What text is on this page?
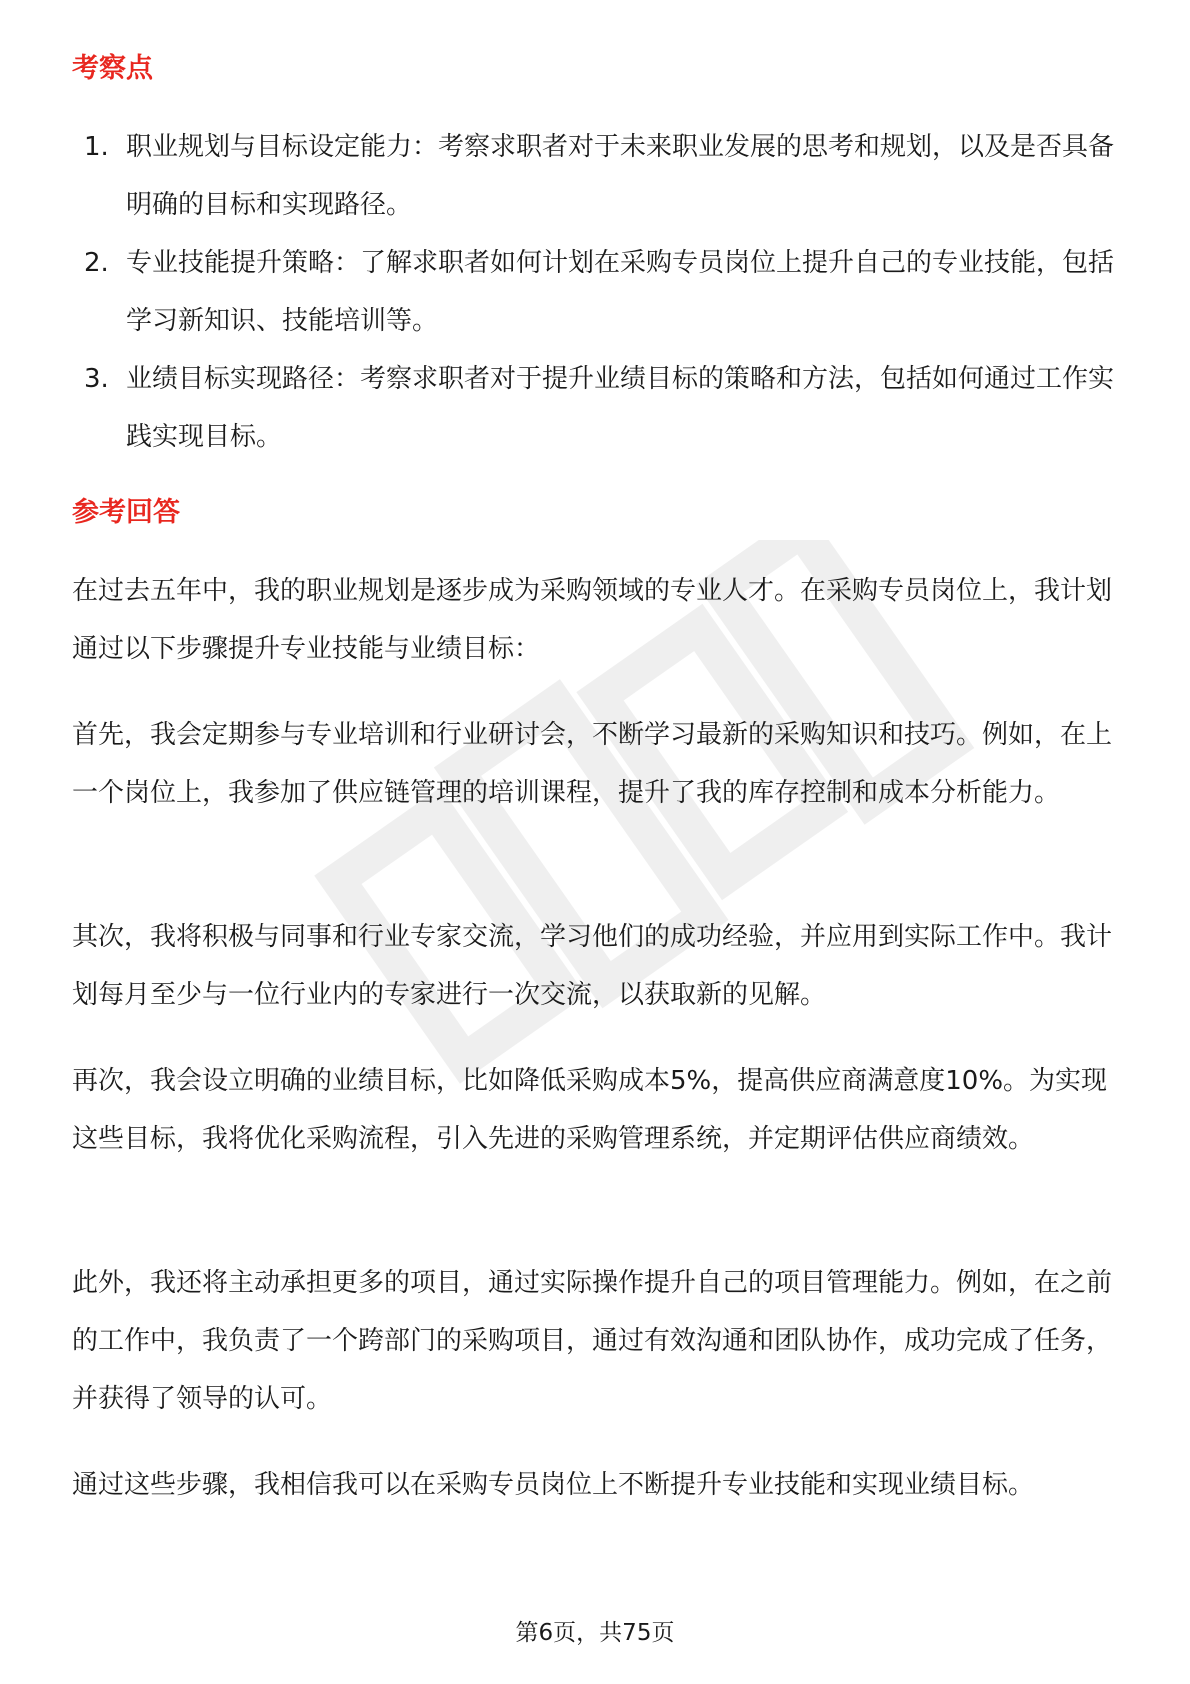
考察点
1. 职业规划与目标设定能力：考察求职者对于未来职业发展的思考和规划，以及是否具备明确的目标和实现路径。
2. 专业技能提升策略：了解求职者如何计划在采购专员岗位上提升自己的专业技能，包括学习新知识、技能培训等。
3. 业绩目标实现路径：考察求职者对于提升业绩目标的策略和方法，包括如何通过工作实践实现目标。
参考回答

在过去五年中，我的职业规划是逐步成为采购领域的专业人才。在采购专员岗位上，我计划通过以下步骤提升专业技能与业绩目标：

首先，我会定期参与专业培训和行业研讨会，不断学习最新的采购知识和技巧。例如，在上一个岗位上，我参加了供应链管理的培训课程，提升了我的库存控制和成本分析能力。

其次，我将积极与同事和行业专家交流，学习他们的成功经验，并应用到实际工作中。我计划每月至少与一位行业内的专家进行一次交流，以获取新的见解。

再次，我会设立明确的业绩目标，比如降低采购成本5%，提高供应商满意度10%。为实现这些目标，我将优化采购流程，引入先进的采购管理系统，并定期评估供应商绩效。

此外，我还将主动承担更多的项目，通过实际操作提升自己的项目管理能力。例如，在之前的工作中，我负责了一个跨部门的采购项目，通过有效沟通和团队协作，成功完成了任务，并获得了领导的认可。

通过这些步骤，我相信我可以在采购专员岗位上不断提升专业技能和实现业绩目标。

第6页，共75页
